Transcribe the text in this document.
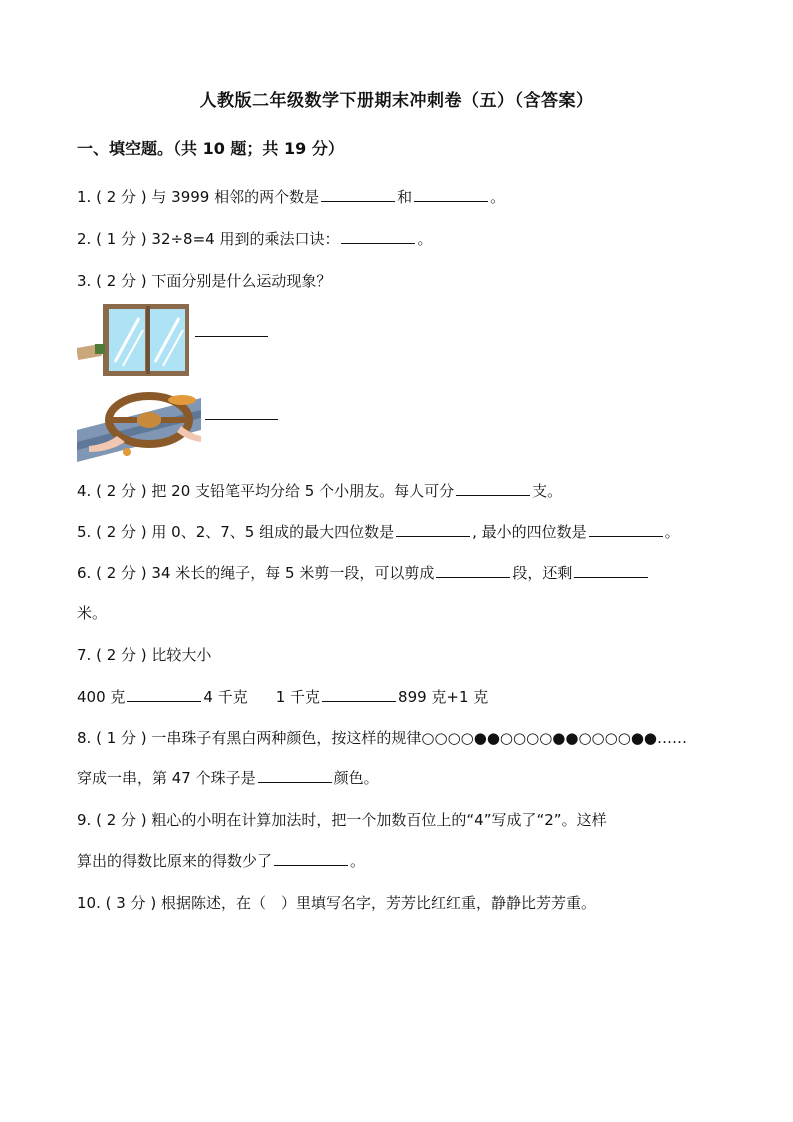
人教版二年级数学下册期末冲刺卷（五）（含答案）
一、填空题。（共 10 题；共 19 分）
1. ( 2 分 ) 与 3999 相邻的两个数是	和	。
2. ( 1 分 ) 32÷8=4 用到的乘法口诀：	。
3. ( 2 分 ) 下面分别是什么运动现象？
4. ( 2 分 ) 把 20 支铅笔平均分给 5 个小朋友。每人可分	支。
5. ( 2 分 ) 用 0、2、7、5 组成的最大四位数是	, 最小的四位数是	。
6. ( 2 分 ) 34 米长的绳子，每 5 米剪一段，可以剪成	段，还剩
米。
7. ( 2 分 ) 比较大小
400 克	4 千克 1 千克	899 克+1 克
8. ( 1 分 ) 一串珠子有黑白两种颜色，按这样的规律○○○○●●○○○○●●○○○○●●……
穿成一串，第 47 个珠子是	颜色。
9. ( 2 分 ) 粗心的小明在计算加法时，把一个加数百位上的“4”写成了“2”。这样
算出的得数比原来的得数少了	。
10. ( 3 分 ) 根据陈述，在（　）里填写名字，芳芳比红红重，静静比芳芳重。
